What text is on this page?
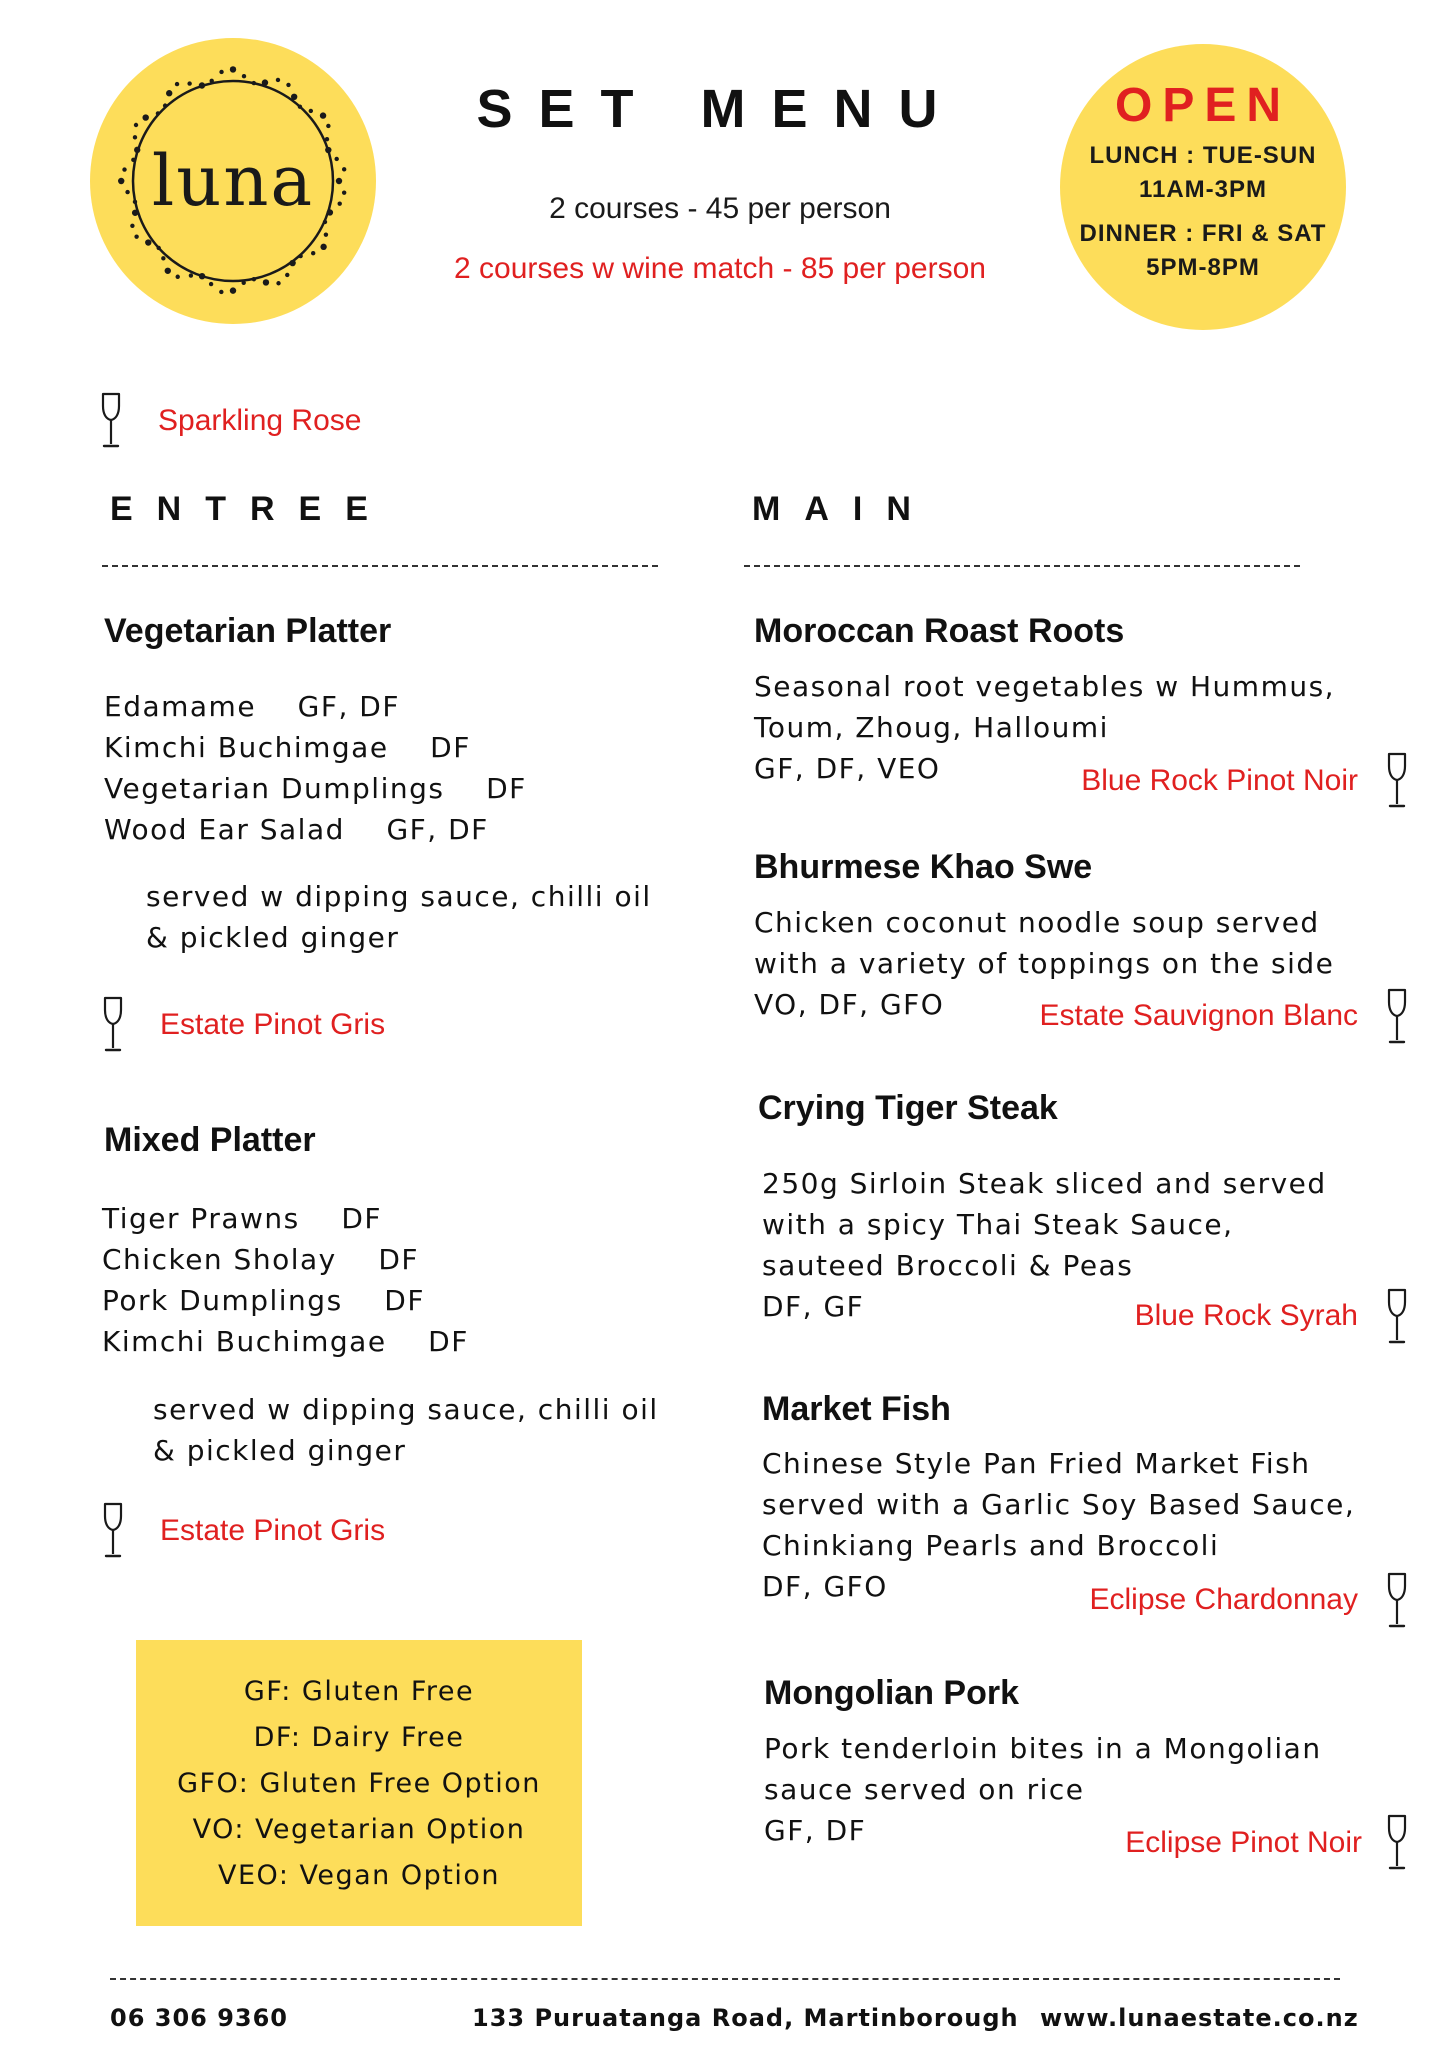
luna
SET MENU
2 courses - 45 per person
2 courses w wine match - 85 per person
OPEN
LUNCH : TUE-SUN
11AM-3PM
DINNER : FRI & SAT
5PM-8PM
Sparkling Rose
ENTREE	MAIN
Vegetarian Platter
Edamame    GF, DF
Kimchi Buchimgae    DF
Vegetarian Dumplings    DF
Wood Ear Salad    GF, DF
served w dipping sauce, chilli oil
& pickled ginger
Estate Pinot Gris
Mixed Platter
Tiger Prawns    DF
Chicken Sholay    DF
Pork Dumplings    DF
Kimchi Buchimgae    DF
served w dipping sauce, chilli oil
& pickled ginger
Estate Pinot Gris
GF: Gluten Free
DF: Dairy Free
GFO: Gluten Free Option
VO: Vegetarian Option
VEO: Vegan Option
Moroccan Roast Roots
Seasonal root vegetables w Hummus,
Toum, Zhoug, Halloumi
GF, DF, VEO	Blue Rock Pinot Noir
Bhurmese Khao Swe
Chicken coconut noodle soup served
with a variety of toppings on the side
VO, DF, GFO	Estate Sauvignon Blanc
Crying Tiger Steak
250g Sirloin Steak sliced and served
with a spicy Thai Steak Sauce,
sauteed Broccoli & Peas
DF, GF	Blue Rock Syrah
Market Fish
Chinese Style Pan Fried Market Fish
served with a Garlic Soy Based Sauce,
Chinkiang Pearls and Broccoli
DF, GFO	Eclipse Chardonnay
Mongolian Pork
Pork tenderloin bites in a Mongolian
sauce served on rice
GF, DF	Eclipse Pinot Noir
06 306 9360	133 Puruatanga Road, Martinborough www.lunaestate.co.nz
